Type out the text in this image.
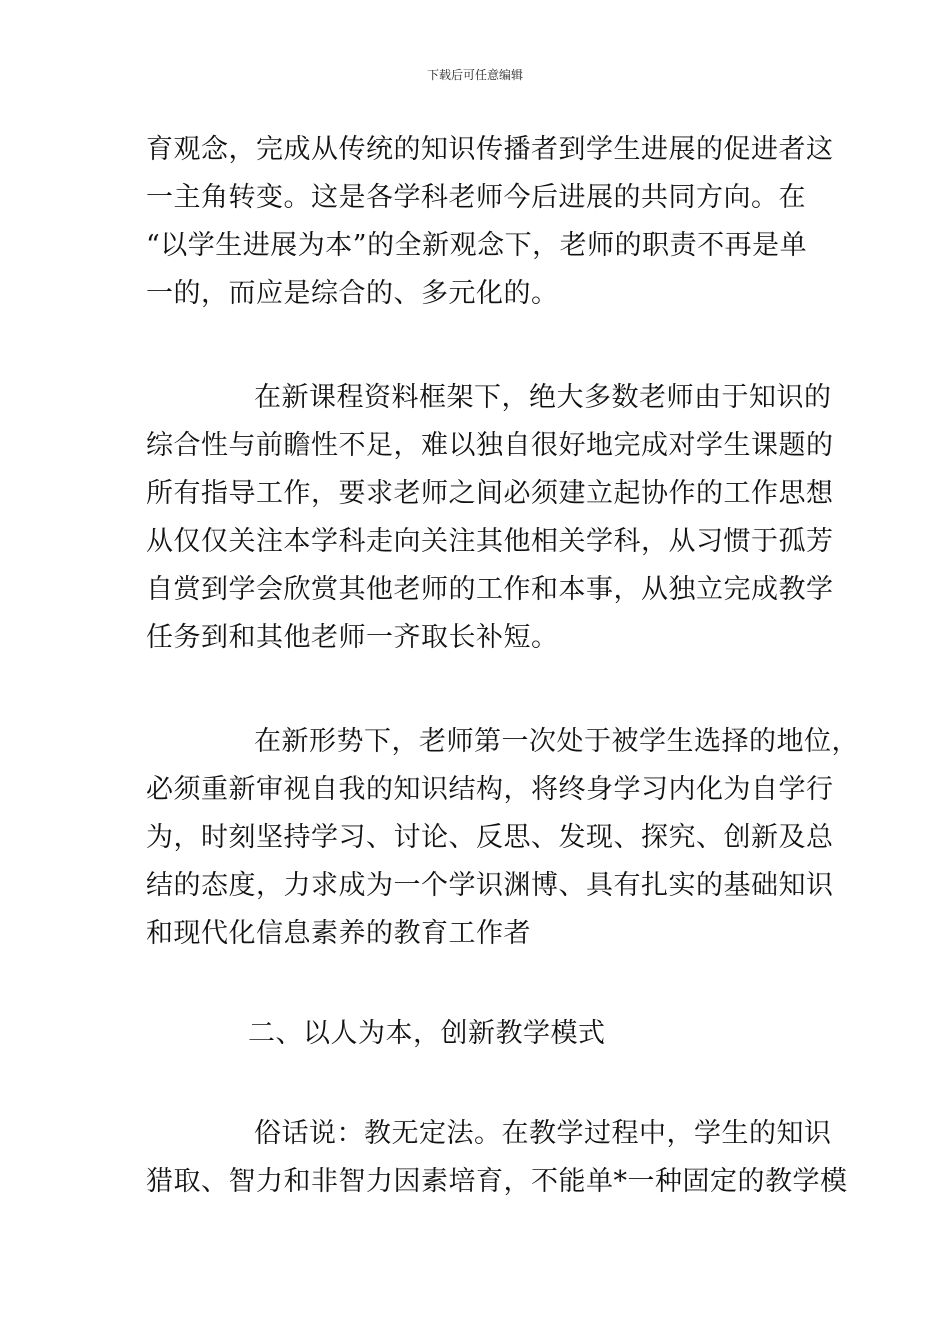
下载后可任意编辑
育观念，完成从传统的知识传播者到学生进展的促进者这
一主角转变。这是各学科老师今后进展的共同方向。在
“以学生进展为本”的全新观念下，老师的职责不再是单
一的，而应是综合的、多元化的。
在新课程资料框架下，绝大多数老师由于知识的
综合性与前瞻性不足，难以独自很好地完成对学生课题的
所有指导工作，要求老师之间必须建立起协作的工作思想
从仅仅关注本学科走向关注其他相关学科，从习惯于孤芳
自赏到学会欣赏其他老师的工作和本事，从独立完成教学
任务到和其他老师一齐取长补短。
在新形势下，老师第一次处于被学生选择的地位，
必须重新审视自我的知识结构，将终身学习内化为自学行
为，时刻坚持学习、讨论、反思、发现、探究、创新及总
结的态度，力求成为一个学识渊博、具有扎实的基础知识
和现代化信息素养的教育工作者
二、以人为本，创新教学模式
俗话说：教无定法。在教学过程中，学生的知识
猎取、智力和非智力因素培育，不能单*一种固定的教学模
